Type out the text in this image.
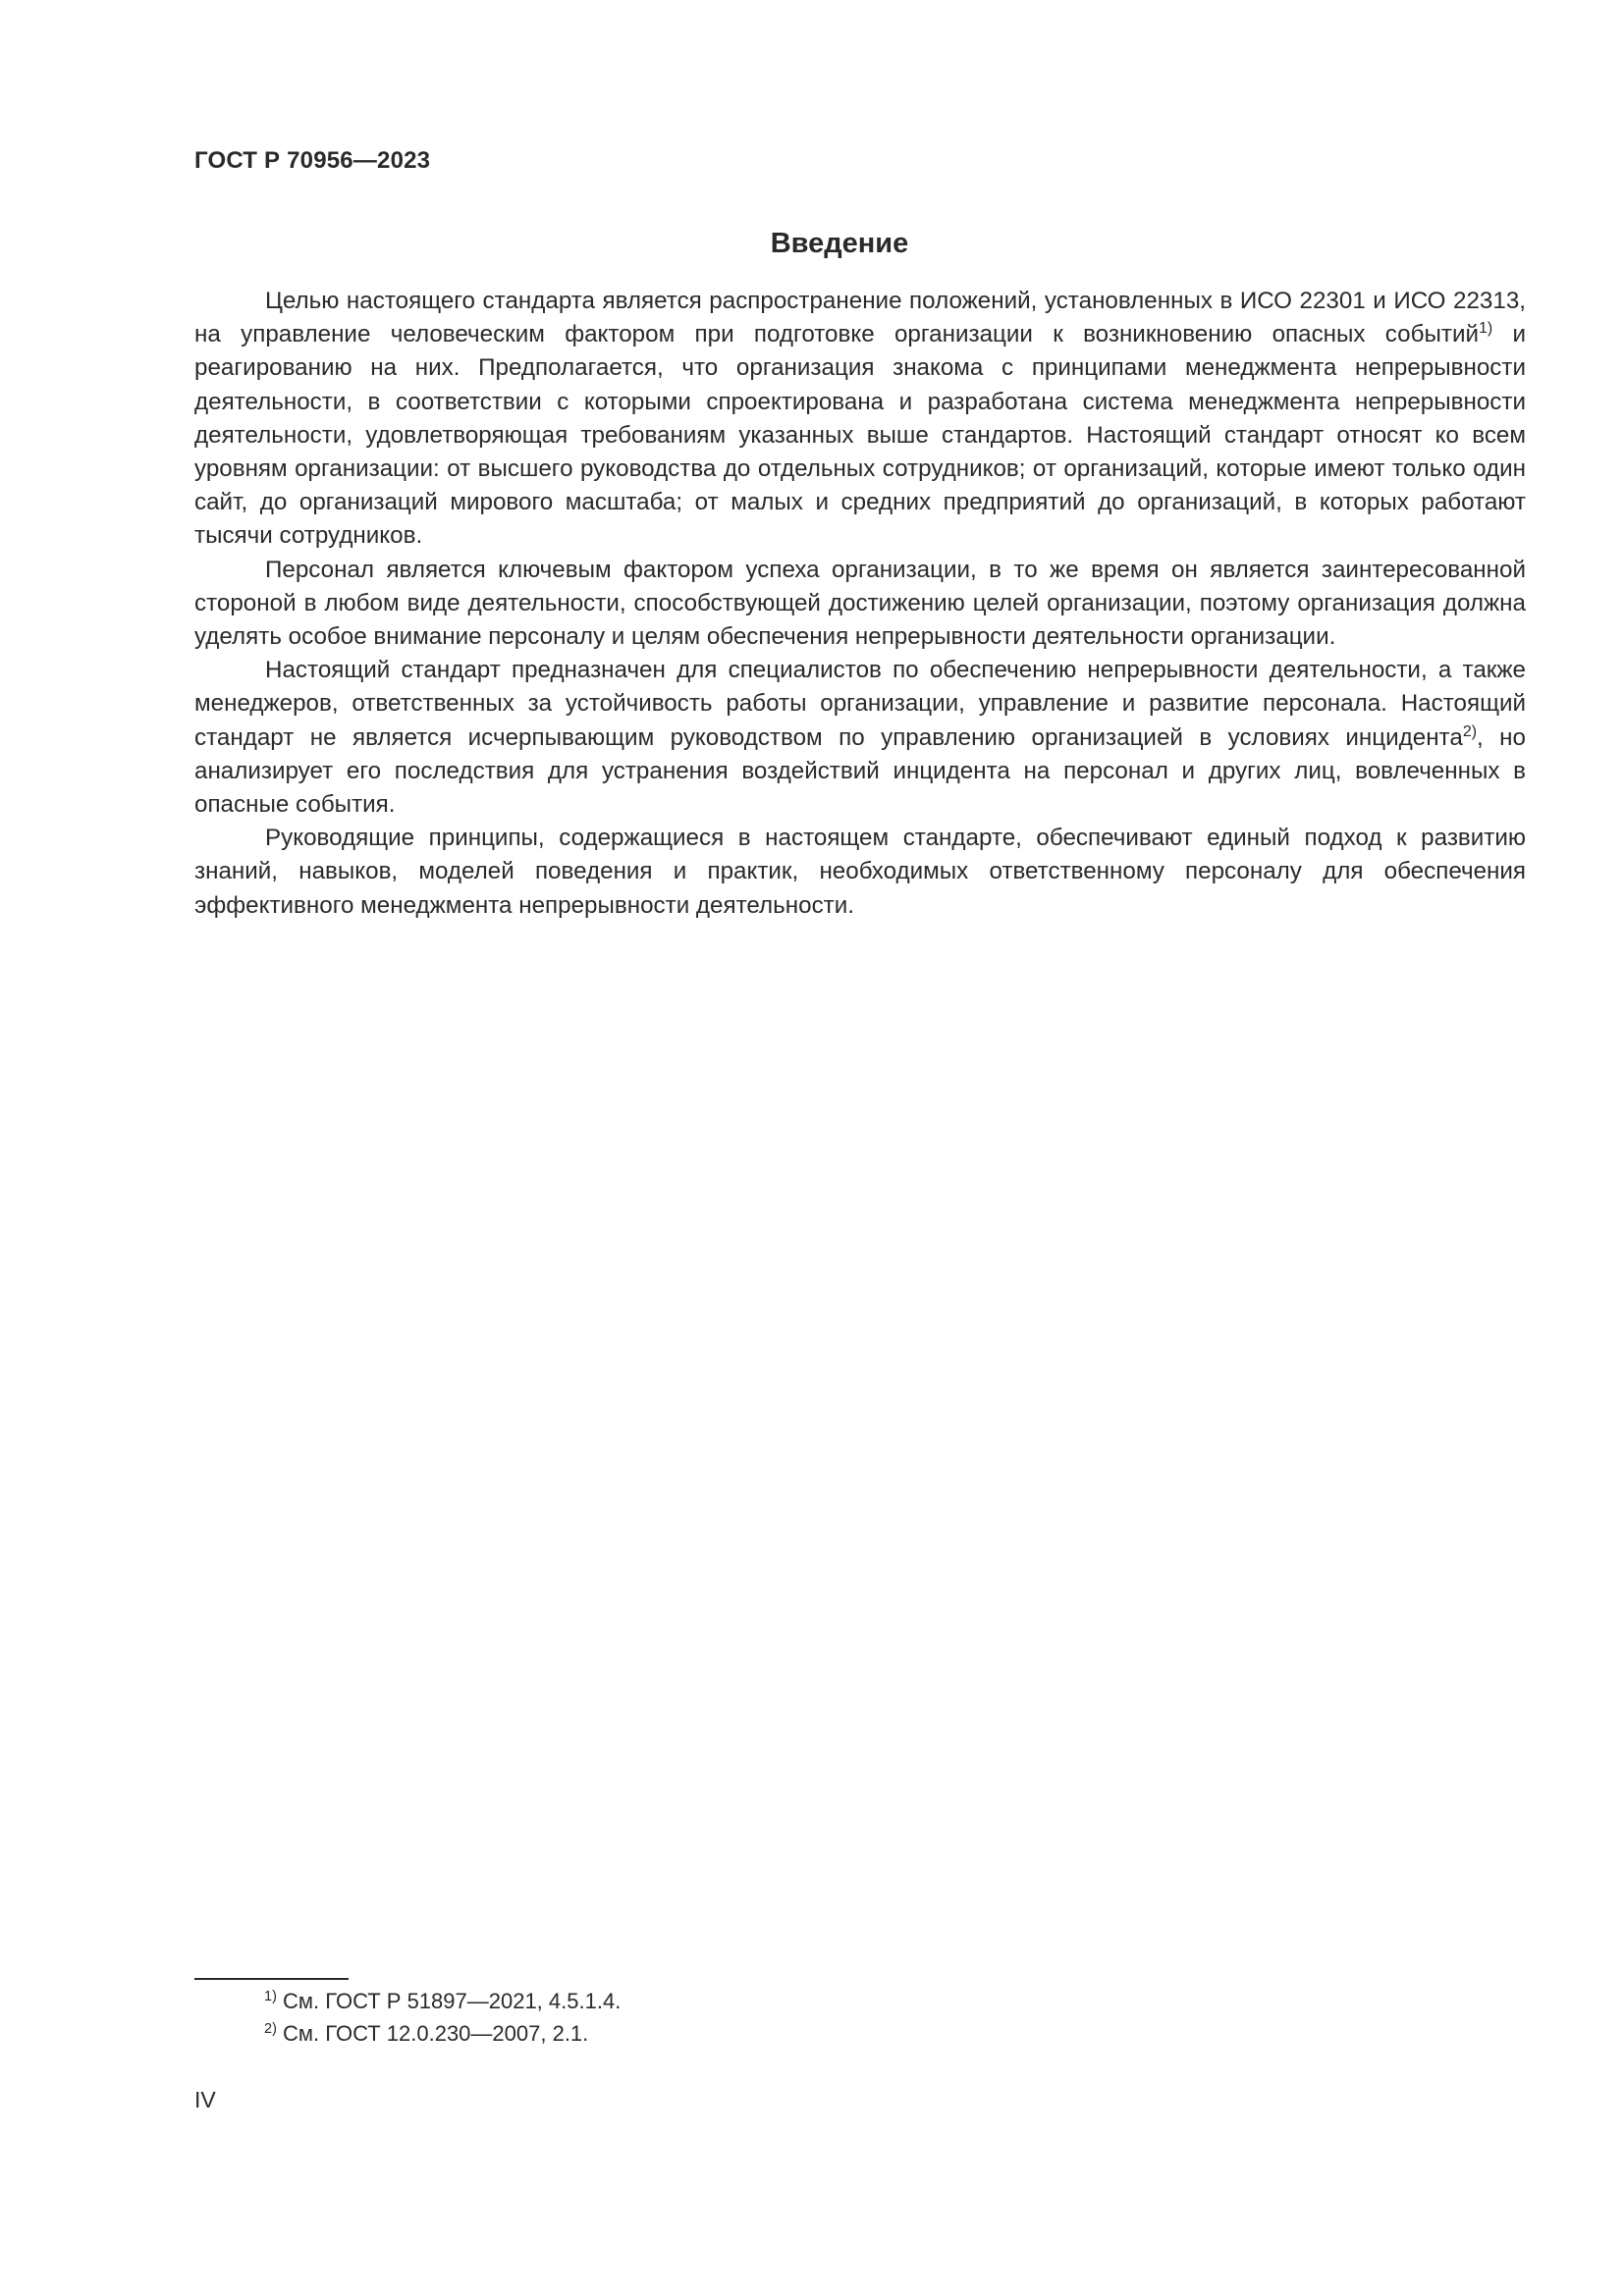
ГОСТ Р 70956—2023
Введение

Целью настоящего стандарта является распространение положений, установленных в ИСО 22301 и ИСО 22313, на управление человеческим фактором при подготовке организации к возникновению опасных событий$^{1)}$ и реагированию на них. Предполагается, что организация знакома с принципами менеджмента непрерывности деятельности, в соответствии с которыми спроектирована и разработана система менеджмента непрерывности деятельности, удовлетворяющая требованиям указанных выше стандартов. Настоящий стандарт относят ко всем уровням организации: от высшего руководства до отдельных сотрудников; от организаций, которые имеют только один сайт, до организаций мирового масштаба; от малых и средних предприятий до организаций, в которых работают тысячи сотрудников.

Персонал является ключевым фактором успеха организации, в то же время он является заинтересованной стороной в любом виде деятельности, способствующей достижению целей организации, поэтому организация должна уделять особое внимание персоналу и целям обеспечения непрерывности деятельности организации.

Настоящий стандарт предназначен для специалистов по обеспечению непрерывности деятельности, а также менеджеров, ответственных за устойчивость работы организации, управление и развитие персонала. Настоящий стандарт не является исчерпывающим руководством по управлению организацией в условиях инцидента$^{2)}$, но анализирует его последствия для устранения воздействий инцидента на персонал и других лиц, вовлеченных в опасные события.

Руководящие принципы, содержащиеся в настоящем стандарте, обеспечивают единый подход к развитию знаний, навыков, моделей поведения и практик, необходимых ответственному персоналу для обеспечения эффективного менеджмента непрерывности деятельности.

$^{1)}$ См. ГОСТ Р 51897—2021, 4.5.1.4.
$^{2)}$ См. ГОСТ 12.0.230—2007, 2.1.
IV
